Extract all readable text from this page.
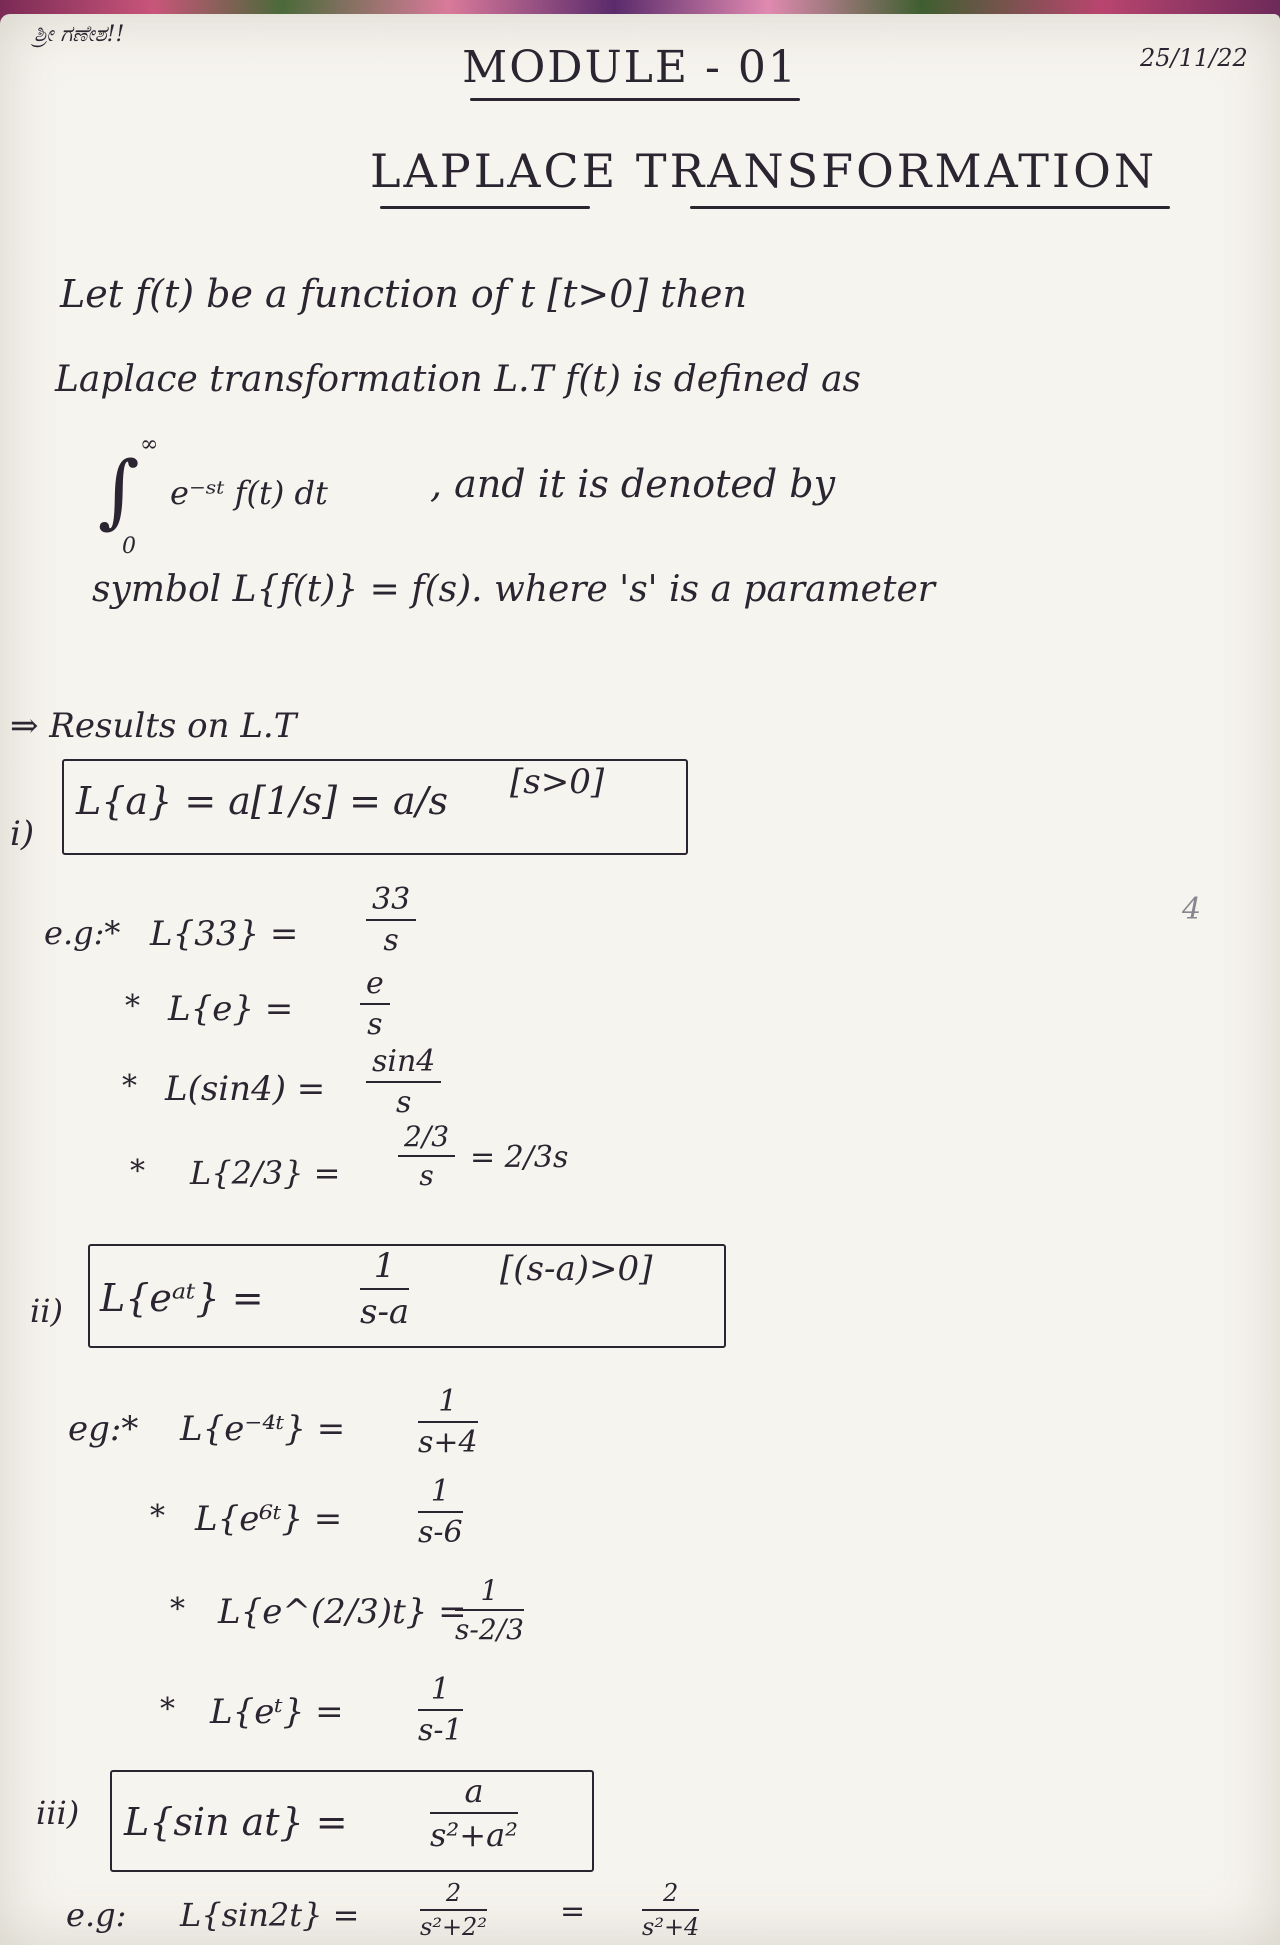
ಶ್ರೀ ಗಣೇಶ!!
25/11/22
MODULE - 01
LAPLACE TRANSFORMATION
Let f(t) be a function of t [t>0] then
Laplace transformation L.T f(t) is defined as
∫ ∞
0
e⁻ˢᵗ f(t) dt	, and it is denoted by
symbol L{f(t)} = f(s). where 's' is a parameter
⇒ Results on L.T
i)
L{a} = a[1/s] = a/s [s>0]
e.g:* $L\{33\} = \frac{33}{s}$
* $L\{e\} = \frac{e}{s}$
* $L(\sin 4) = \frac{\sin 4}{s}$
* $L\{2/3\} = \frac{2/3}{s} = 2/3s$
ii) L{eᵃᵗ} =	$\frac{1}{s-a}$	[(s-a)>0]
eg:* L{e⁻⁴ᵗ} = $\frac{1}{s+4}$
* L{e⁶ᵗ} =	$\frac{1}{s-6}$
* L{e^(2/3)t} =
$\frac{1}{s-2/3}$
* L{eᵗ} = $\frac{1}{s-1}$
iii) L{sin at} =	$\frac{a}{\text{s²+a²}}$
e.g: L{sin2t} =	$\frac{2}{\text{s²+2²}} = \frac{2}{\text{s²+4}}$
4
